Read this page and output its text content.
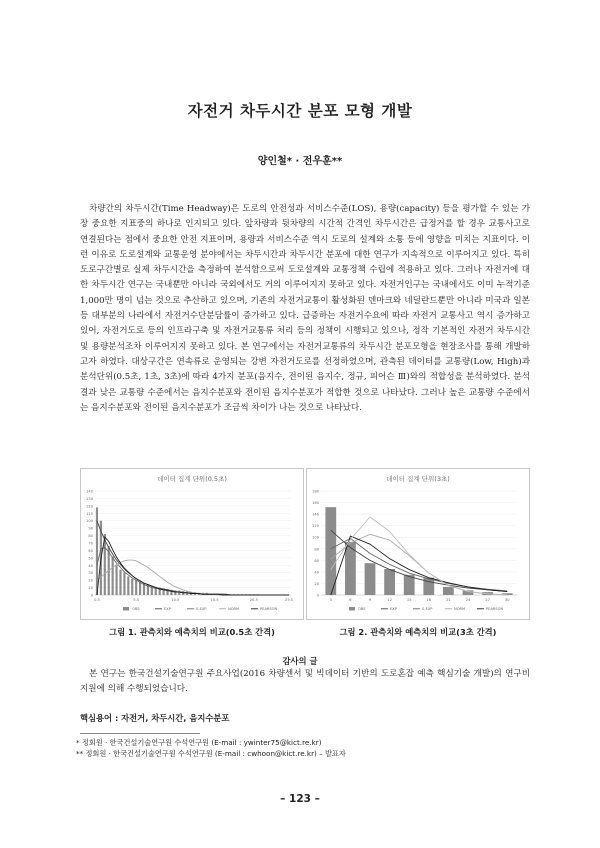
자전거 차두시간 분포 모형 개발
양인철* · 전우훈**

차량간의 차두시간(Time Headway)은 도로의 안전성과 서비스수준(LOS), 용량(capacity) 등을 평가할 수 있는 가장 중요한 지표중의 하나로 인지되고 있다. 앞차량과 뒷차량의 시간적 간격인 차두시간은 급정거를 할 경우 교통사고로 연결된다는 점에서 중요한 안전 지표이며, 용량과 서비스수준 역시 도로의 설계와 소통 등에 영향을 미치는 지표이다. 이런 이유로 도로설계와 교통운영 분야에서는 차두시간과 차두시간 분포에 대한 연구가 지속적으로 이루어지고 있다. 특히 도로구간별로 실제 차두시간을 측정하여 분석함으로써 도로설계와 교통정책 수립에 적용하고 있다. 그러나 자전거에 대한 차두시간 연구는 국내뿐만 아니라 국외에서도 거의 이루어지지 못하고 있다. 자전거인구는 국내에서도 이미 누적기준 1,000만 명이 넘는 것으로 추산하고 있으며, 기존의 자전거교통이 활성화된 덴마크와 네덜란드뿐만 아니라 미국과 일본 등 대부분의 나라에서 자전거수단분담률이 증가하고 있다. 급증하는 자전거수요에 따라 자전거 교통사고 역시 증가하고 있어, 자전거도로 등의 인프라구축 및 자전거교통류 처리 등의 정책이 시행되고 있으나, 정작 기본적인 자전거 차두시간 및 용량분석조차 이루어지지 못하고 있다. 본 연구에서는 자전거교통류의 차두시간 분포모형을 현장조사를 통해 개발하고자 하였다. 대상구간은 연속류로 운영되는 강변 자전거도로를 선정하였으며, 관측된 데이터를 교통량(Low, High)과 분석단위(0.5초, 1초, 3초)에 따라 4가지 분포(음지수, 전이된 음지수, 정규, 피어슨 Ⅲ)와의 적합성을 분석하였다. 분석결과 낮은 교통량 수준에서는 음지수분포와 전이된 음지수분포가 적합한 것으로 나타났다. 그러나 높은 교통량 수준에서는 음지수분포와 전이된 음지수분포가 조금씩 차이가 나는 것으로 나타났다.

데이터 집계 단위(0.5초)
0
10
20
30
40
50
60
70
80
90
100
110
120
130
140
0.5	5.5	10.5	15.5	20.5	25.5
OBS	EXP	S-EXP	NORM	PEARSON
데이터 집계 단위(3초)
0
20
40
60
80
100
120
140
160
180
3	6	9	12	15	18	21	24	27	30
OBS	EXP	S-EXP	NORM	PEARSON
그림 1. 관측치와 예측치의 비교(0.5초 간격)	그림 2. 관측치와 예측치의 비교(3초 간격)
감사의 글

본 연구는 한국건설기술연구원 주요사업(2016 차량센서 및 빅데이터 기반의 도로혼잡 예측 핵심기술 개발)의 연구비 지원에 의해 수행되었습니다.

핵심용어 : 자전거, 차두시간, 음지수분포
* 정회원 · 한국건설기술연구원 수석연구원 (E-mail : ywinter75@kict.re.kr)
** 정회원 · 한국건설기술연구원 수석연구원 (E-mail : cwhoon@kict.re.kr) – 발표자
– 123 –
